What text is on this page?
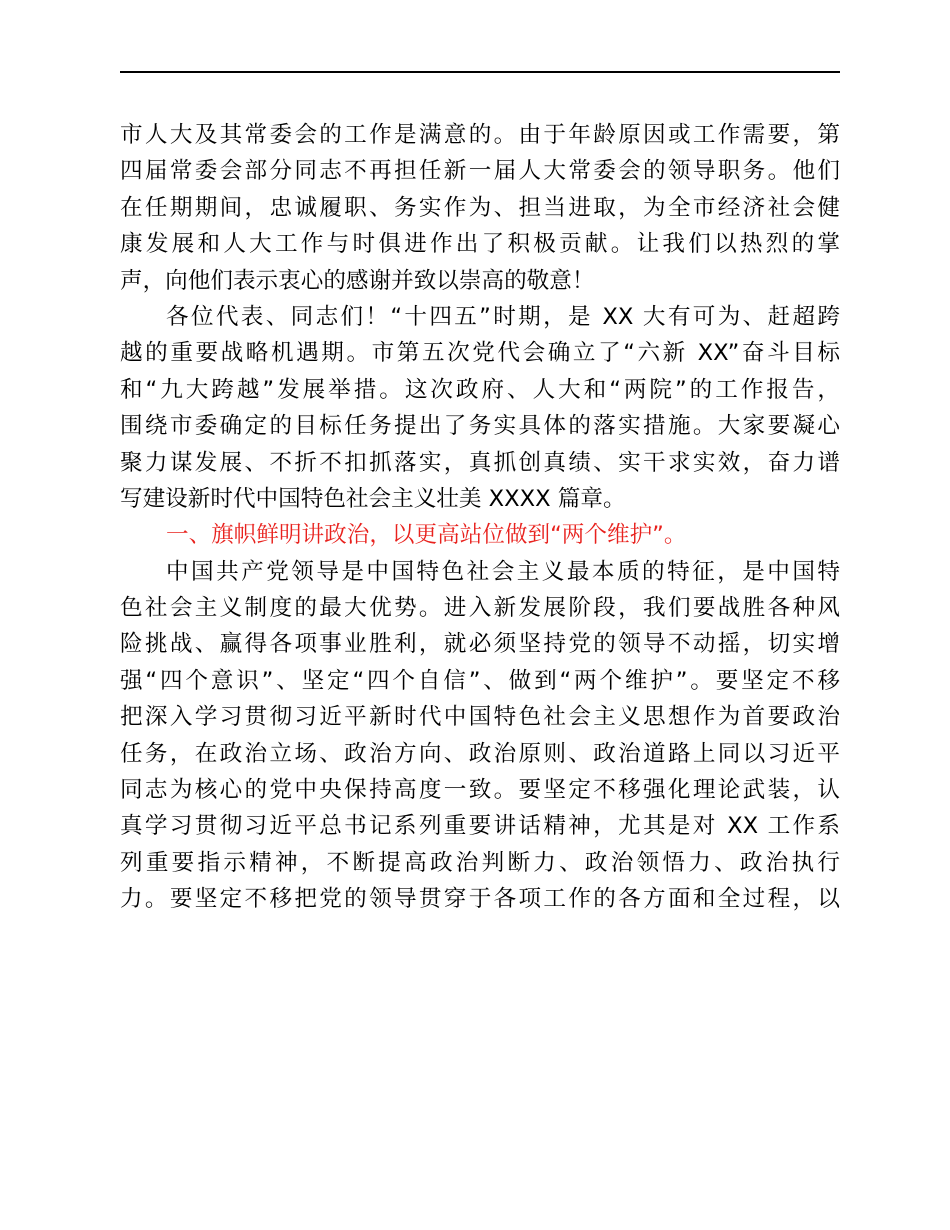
市人大及其常委会的工作是满意的。由于年龄原因或工作需要，第
四届常委会部分同志不再担任新一届人大常委会的领导职务。他们
在任期期间，忠诚履职、务实作为、担当进取，为全市经济社会健
康发展和人大工作与时俱进作出了积极贡献。让我们以热烈的掌
声，向他们表示衷心的感谢并致以崇高的敬意！
各位代表、同志们！“十四五”时期，是 XX 大有可为、赶超跨
越的重要战略机遇期。市第五次党代会确立了“六新 XX”奋斗目标
和“九大跨越”发展举措。这次政府、人大和“两院”的工作报告，
围绕市委确定的目标任务提出了务实具体的落实措施。大家要凝心
聚力谋发展、不折不扣抓落实，真抓创真绩、实干求实效，奋力谱
写建设新时代中国特色社会主义壮美 XXXX 篇章。
一、旗帜鲜明讲政治，以更高站位做到“两个维护”。
中国共产党领导是中国特色社会主义最本质的特征，是中国特
色社会主义制度的最大优势。进入新发展阶段，我们要战胜各种风
险挑战、赢得各项事业胜利，就必须坚持党的领导不动摇，切实增
强“四个意识”、坚定“四个自信”、做到“两个维护”。要坚定不移
把深入学习贯彻习近平新时代中国特色社会主义思想作为首要政治
任务，在政治立场、政治方向、政治原则、政治道路上同以习近平
同志为核心的党中央保持高度一致。要坚定不移强化理论武装，认
真学习贯彻习近平总书记系列重要讲话精神，尤其是对 XX 工作系
列重要指示精神，不断提高政治判断力、政治领悟力、政治执行
力。要坚定不移把党的领导贯穿于各项工作的各方面和全过程，以
